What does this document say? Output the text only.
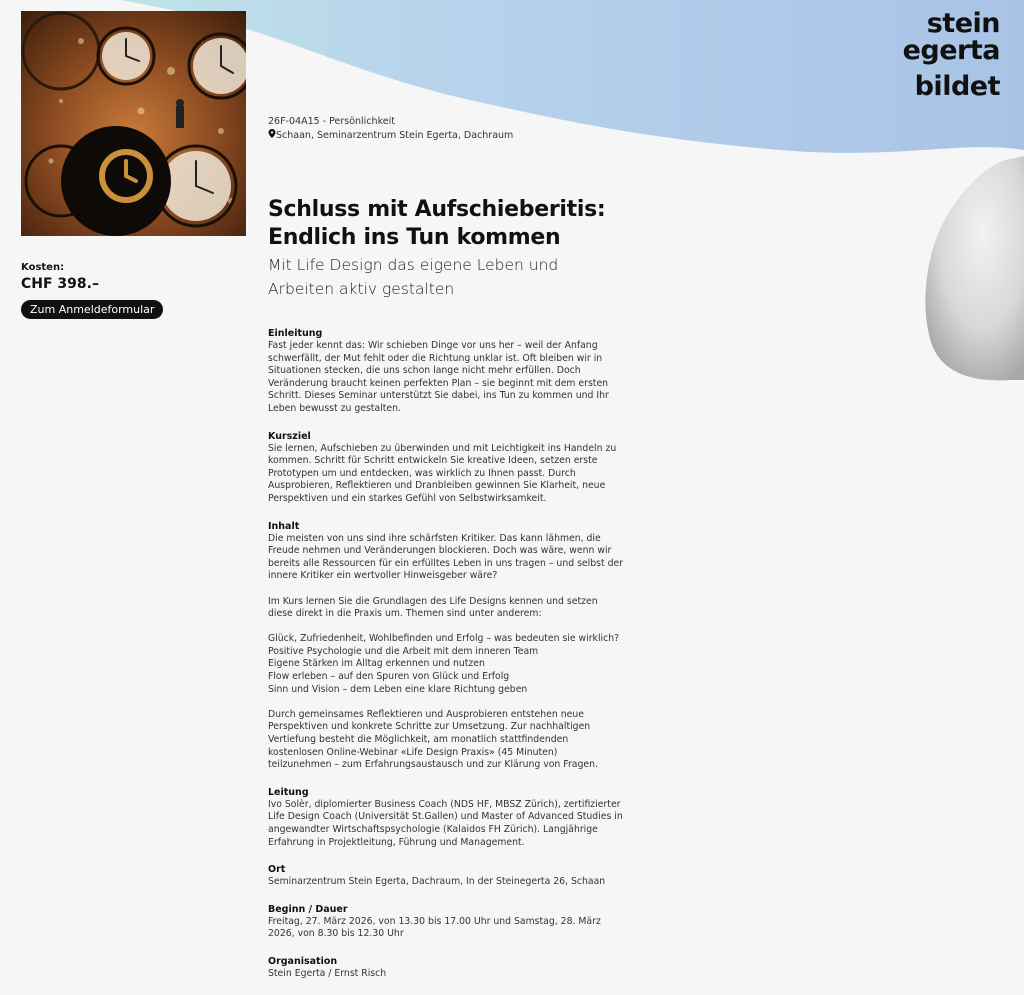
stein
egerta
bildet
Kosten:
CHF 398.–
Zum Anmeldeformular
26F-04A15 - Persönlichkeit
Schaan, Seminarzentrum Stein Egerta, Dachraum
Schluss mit Aufschieberitis:
Endlich ins Tun kommen
Mit Life Design das eigene Leben und
Arbeiten aktiv gestalten
Einleitung
Fast jeder kennt das: Wir schieben Dinge vor uns her – weil der Anfang schwerfällt, der Mut fehlt oder die Richtung unklar ist. Oft bleiben wir in Situationen stecken, die uns schon lange nicht mehr erfüllen. Doch Veränderung braucht keinen perfekten Plan – sie beginnt mit dem ersten Schritt. Dieses Seminar unterstützt Sie dabei, ins Tun zu kommen und Ihr Leben bewusst zu gestalten.
Kursziel
Sie lernen, Aufschieben zu überwinden und mit Leichtigkeit ins Handeln zu kommen. Schritt für Schritt entwickeln Sie kreative Ideen, setzen erste Prototypen um und entdecken, was wirklich zu Ihnen passt. Durch Ausprobieren, Reflektieren und Dranbleiben gewinnen Sie Klarheit, neue Perspektiven und ein starkes Gefühl von Selbstwirksamkeit.
Inhalt
Die meisten von uns sind ihre schärfsten Kritiker. Das kann lähmen, die Freude nehmen und Veränderungen blockieren. Doch was wäre, wenn wir bereits alle Ressourcen für ein erfülltes Leben in uns tragen – und selbst der innere Kritiker ein wertvoller Hinweisgeber wäre?
Im Kurs lernen Sie die Grundlagen des Life Designs kennen und setzen diese direkt in die Praxis um. Themen sind unter anderem:
Glück, Zufriedenheit, Wohlbefinden und Erfolg – was bedeuten sie wirklich?
Positive Psychologie und die Arbeit mit dem inneren Team
Eigene Stärken im Alltag erkennen und nutzen
Flow erleben – auf den Spuren von Glück und Erfolg
Sinn und Vision – dem Leben eine klare Richtung geben
Durch gemeinsames Reflektieren und Ausprobieren entstehen neue Perspektiven und konkrete Schritte zur Umsetzung. Zur nachhaltigen Vertiefung besteht die Möglichkeit, am monatlich stattfindenden kostenlosen Online-Webinar «Life Design Praxis» (45 Minuten) teilzunehmen – zum Erfahrungsaustausch und zur Klärung von Fragen.
Leitung
Ivo Solèr, diplomierter Business Coach (NDS HF, MBSZ Zürich), zertifizierter Life Design Coach (Universität St.Gallen) und Master of Advanced Studies in angewandter Wirtschaftspsychologie (Kalaidos FH Zürich). Langjährige Erfahrung in Projektleitung, Führung und Management.
Ort
Seminarzentrum Stein Egerta, Dachraum, In der Steinegerta 26, Schaan
Beginn / Dauer
Freitag, 27. März 2026, von 13.30 bis 17.00 Uhr und Samstag, 28. März 2026, von 8.30 bis 12.30 Uhr
Organisation
Stein Egerta / Ernst Risch
